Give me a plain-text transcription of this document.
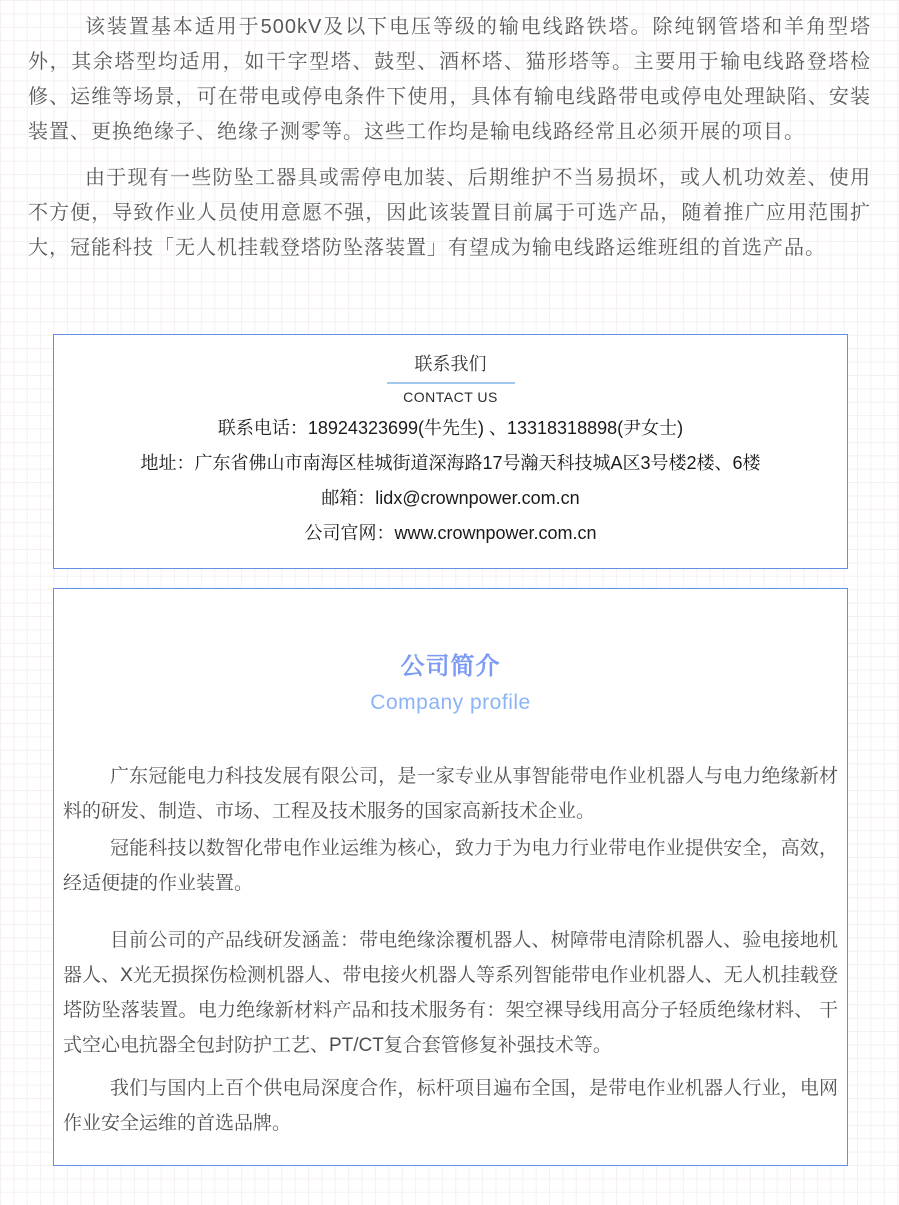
该装置基本适用于500kV及以下电压等级的输电线路铁塔。除纯钢管塔和羊角型塔外，其余塔型均适用，如干字型塔、鼓型、酒杯塔、猫形塔等。主要用于输电线路登塔检修、运维等场景，可在带电或停电条件下使用，具体有输电线路带电或停电处理缺陷、安装装置、更换绝缘子、绝缘子测零等。这些工作均是输电线路经常且必须开展的项目。

由于现有一些防坠工器具或需停电加装、后期维护不当易损坏，或人机功效差、使用不方便，导致作业人员使用意愿不强，因此该装置目前属于可选产品，随着推广应用范围扩大，冠能科技「无人机挂载登塔防坠落装置」有望成为输电线路运维班组的首选产品。

联系我们
CONTACT US

联系电话：18924323699(牛先生) 、13318318898(尹女士)

地址：广东省佛山市南海区桂城街道深海路17号瀚天科技城A区3号楼2楼、6楼

邮箱：lidx@crownpower.com.cn

公司官网：www.crownpower.com.cn

公司简介
Company profile

广东冠能电力科技发展有限公司，是一家专业从事智能带电作业机器人与电力绝缘新材料的研发、制造、市场、工程及技术服务的国家高新技术企业。

冠能科技以数智化带电作业运维为核心，致力于为电力行业带电作业提供安全，高效，经适便捷的作业装置。

目前公司的产品线研发涵盖：带电绝缘涂覆机器人、树障带电清除机器人、验电接地机器人、X光无损探伤检测机器人、带电接火机器人等系列智能带电作业机器人、无人机挂载登塔防坠落装置。电力绝缘新材料产品和技术服务有：架空裸导线用高分子轻质绝缘材料、 干式空心电抗器全包封防护工艺、PT/CT复合套管修复补强技术等。

我们与国内上百个供电局深度合作，标杆项目遍布全国，是带电作业机器人行业，电网作业安全运维的首选品牌。
